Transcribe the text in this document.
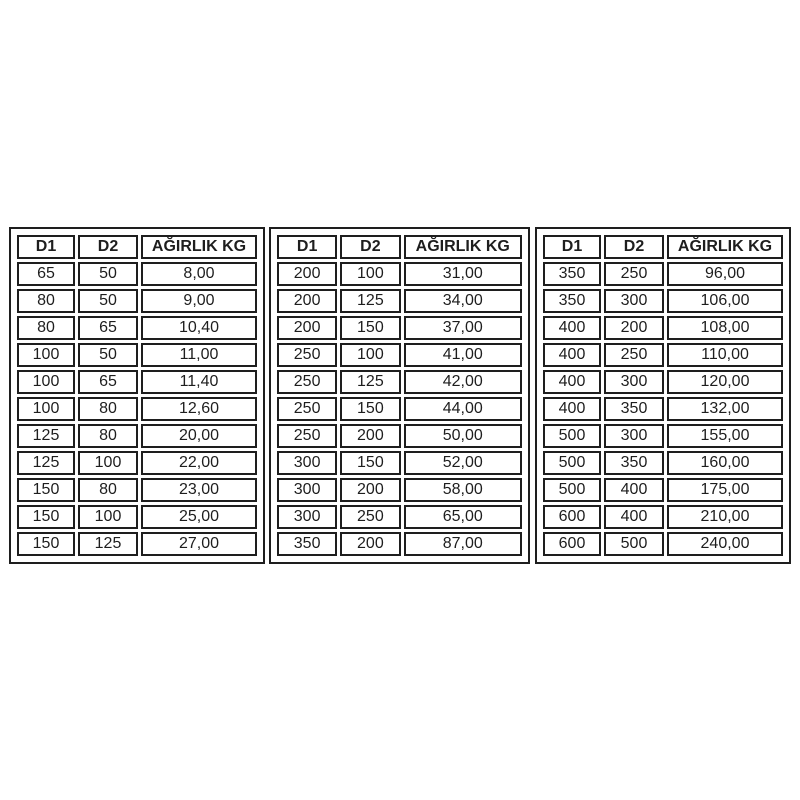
D1	D2	AĞIRLIK KG
65	50	8,00
80	50	9,00
80	65	10,40
100	50	11,00
100	65	11,40
100	80	12,60
125	80	20,00
125	100	22,00
150	80	23,00
150	100	25,00
150	125	27,00
D1	D2	AĞIRLIK KG
200	100	31,00
200	125	34,00
200	150	37,00
250	100	41,00
250	125	42,00
250	150	44,00
250	200	50,00
300	150	52,00
300	200	58,00
300	250	65,00
350	200	87,00
D1	D2	AĞIRLIK KG
350	250	96,00
350	300	106,00
400	200	108,00
400	250	110,00
400	300	120,00
400	350	132,00
500	300	155,00
500	350	160,00
500	400	175,00
600	400	210,00
600	500	240,00
